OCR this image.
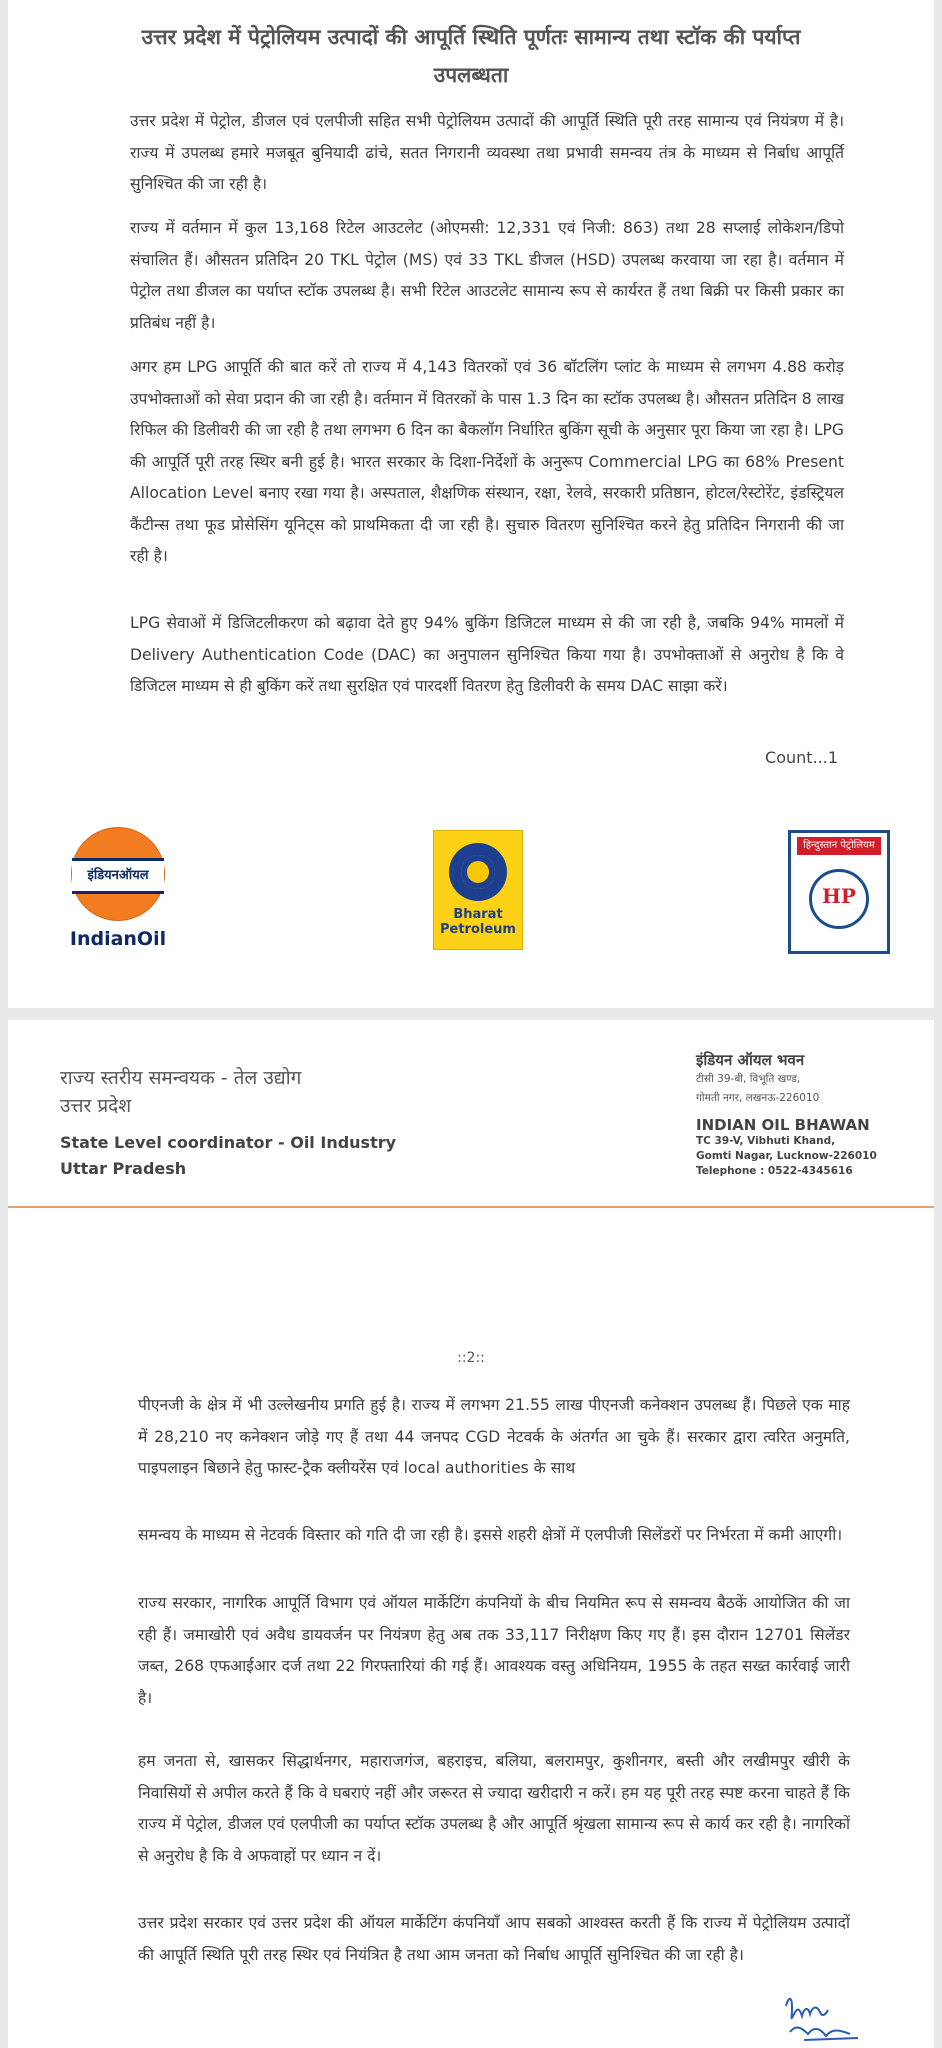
उत्तर प्रदेश में पेट्रोलियम उत्पादों की आपूर्ति स्थिति पूर्णतः सामान्य तथा स्टॉक की पर्याप्त उपलब्धता

उत्तर प्रदेश में पेट्रोल, डीजल एवं एलपीजी सहित सभी पेट्रोलियम उत्पादों की आपूर्ति स्थिति पूरी तरह सामान्य एवं नियंत्रण में है। राज्य में उपलब्ध हमारे मजबूत बुनियादी ढांचे, सतत निगरानी व्यवस्था तथा प्रभावी समन्वय तंत्र के माध्यम से निर्बाध आपूर्ति सुनिश्चित की जा रही है।

राज्य में वर्तमान में कुल 13,168 रिटेल आउटलेट (ओएमसी: 12,331 एवं निजी: 863) तथा 28 सप्लाई लोकेशन/डिपो संचालित हैं। औसतन प्रतिदिन 20 TKL पेट्रोल (MS) एवं 33 TKL डीजल (HSD) उपलब्ध करवाया जा रहा है। वर्तमान में पेट्रोल तथा डीजल का पर्याप्त स्टॉक उपलब्ध है। सभी रिटेल आउटलेट सामान्य रूप से कार्यरत हैं तथा बिक्री पर किसी प्रकार का प्रतिबंध नहीं है।

अगर हम LPG आपूर्ति की बात करें तो राज्य में 4,143 वितरकों एवं 36 बॉटलिंग प्लांट के माध्यम से लगभग 4.88 करोड़ उपभोक्ताओं को सेवा प्रदान की जा रही है। वर्तमान में वितरकों के पास 1.3 दिन का स्टॉक उपलब्ध है। औसतन प्रतिदिन 8 लाख रिफिल की डिलीवरी की जा रही है तथा लगभग 6 दिन का बैकलॉग निर्धारित बुकिंग सूची के अनुसार पूरा किया जा रहा है। LPG की आपूर्ति पूरी तरह स्थिर बनी हुई है। भारत सरकार के दिशा-निर्देशों के अनुरूप Commercial LPG का 68% Present Allocation Level बनाए रखा गया है। अस्पताल, शैक्षणिक संस्थान, रक्षा, रेलवे, सरकारी प्रतिष्ठान, होटल/रेस्टोरेंट, इंडस्ट्रियल कैंटीन्स तथा फूड प्रोसेसिंग यूनिट्स को प्राथमिकता दी जा रही है। सुचारु वितरण सुनिश्चित करने हेतु प्रतिदिन निगरानी की जा रही है।

LPG सेवाओं में डिजिटलीकरण को बढ़ावा देते हुए 94% बुकिंग डिजिटल माध्यम से की जा रही है, जबकि 94% मामलों में Delivery Authentication Code (DAC) का अनुपालन सुनिश्चित किया गया है। उपभोक्ताओं से अनुरोध है कि वे डिजिटल माध्यम से ही बुकिंग करें तथा सुरक्षित एवं पारदर्शी वितरण हेतु डिलीवरी के समय DAC साझा करें।

Count...1
इंडियनऑयल
IndianOil
Bharat
Petroleum
हिन्दुस्तान पेट्रोलियम
HP
राज्य स्तरीय समन्वयक - तेल उद्योग
उत्तर प्रदेश
State Level coordinator - Oil Industry
Uttar Pradesh
इंडियन ऑयल भवन
टीसी 39-बी, विभूति खण्ड,
गोमती नगर, लखनऊ-226010
INDIAN OIL BHAWAN
TC 39-V, Vibhuti Khand,
Gomti Nagar, Lucknow-226010
Telephone : 0522-4345616
::2::

पीएनजी के क्षेत्र में भी उल्लेखनीय प्रगति हुई है। राज्य में लगभग 21.55 लाख पीएनजी कनेक्शन उपलब्ध हैं। पिछले एक माह में 28,210 नए कनेक्शन जोड़े गए हैं तथा 44 जनपद CGD नेटवर्क के अंतर्गत आ चुके हैं। सरकार द्वारा त्वरित अनुमति, पाइपलाइन बिछाने हेतु फास्ट-ट्रैक क्लीयरेंस एवं local authorities के साथ

समन्वय के माध्यम से नेटवर्क विस्तार को गति दी जा रही है। इससे शहरी क्षेत्रों में एलपीजी सिलेंडरों पर निर्भरता में कमी आएगी।

राज्य सरकार, नागरिक आपूर्ति विभाग एवं ऑयल मार्केटिंग कंपनियों के बीच नियमित रूप से समन्वय बैठकें आयोजित की जा रही हैं। जमाखोरी एवं अवैध डायवर्जन पर नियंत्रण हेतु अब तक 33,117 निरीक्षण किए गए हैं। इस दौरान 12701 सिलेंडर जब्त, 268 एफआईआर दर्ज तथा 22 गिरफ्तारियां की गई हैं। आवश्यक वस्तु अधिनियम, 1955 के तहत सख्त कार्रवाई जारी है।

हम जनता से, खासकर सिद्धार्थनगर, महाराजगंज, बहराइच, बलिया, बलरामपुर, कुशीनगर, बस्ती और लखीमपुर खीरी के निवासियों से अपील करते हैं कि वे घबराएं नहीं और जरूरत से ज्यादा खरीदारी न करें। हम यह पूरी तरह स्पष्ट करना चाहते हैं कि राज्य में पेट्रोल, डीजल एवं एलपीजी का पर्याप्त स्टॉक उपलब्ध है और आपूर्ति श्रृंखला सामान्य रूप से कार्य कर रही है। नागरिकों से अनुरोध है कि वे अफवाहों पर ध्यान न दें।

उत्तर प्रदेश सरकार एवं उत्तर प्रदेश की ऑयल मार्केटिंग कंपनियाँ आप सबको आश्वस्त करती हैं कि राज्य में पेट्रोलियम उत्पादों की आपूर्ति स्थिति पूरी तरह स्थिर एवं नियंत्रित है तथा आम जनता को निर्बाध आपूर्ति सुनिश्चित की जा रही है।
